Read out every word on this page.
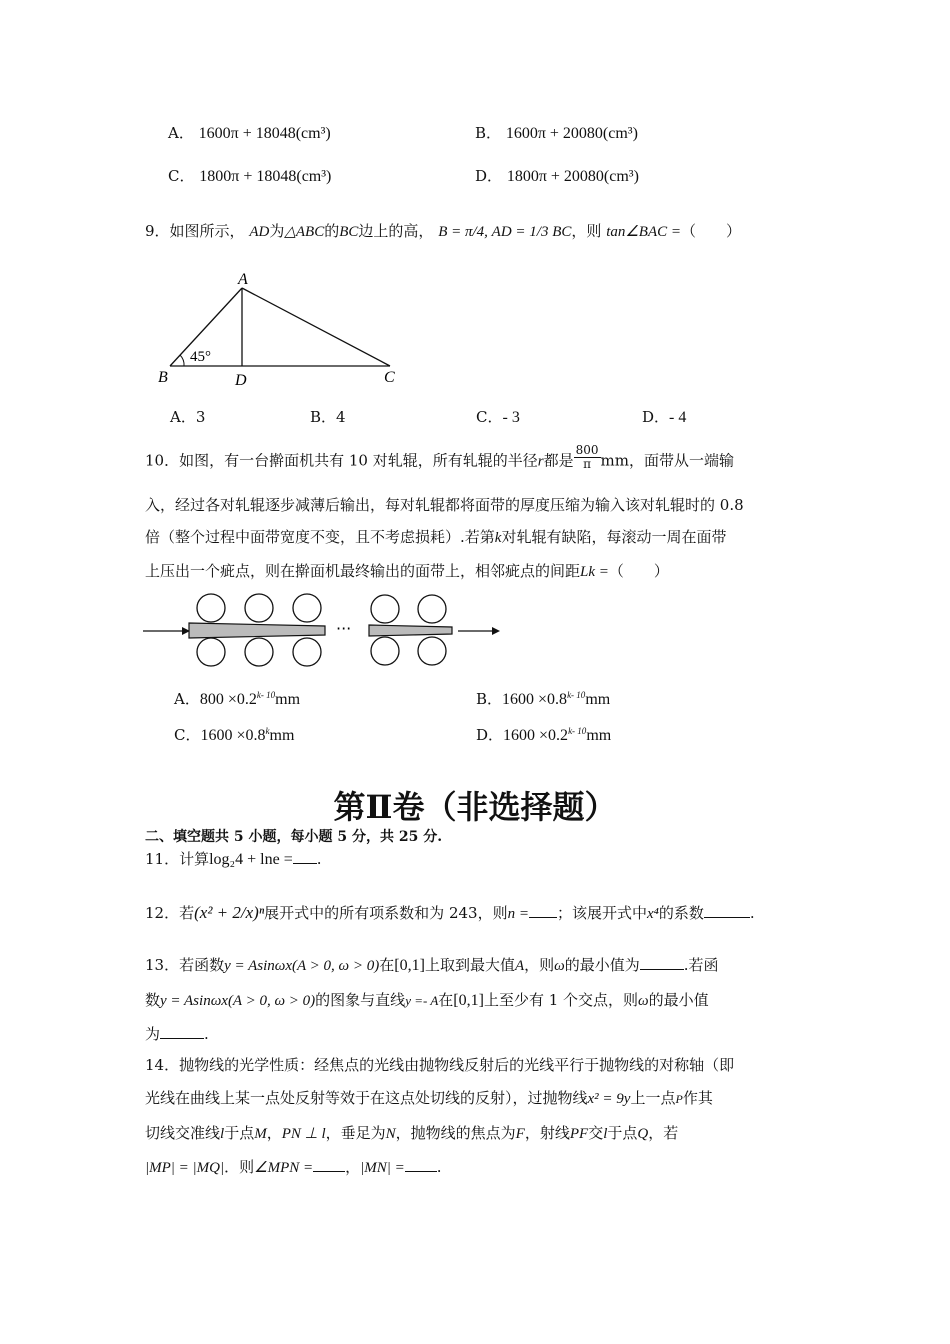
A． 1600π + 18048(cm³)	B． 1600π + 20080(cm³)
C． 1800π + 18048(cm³)	D． 1800π + 20080(cm³)
9．如图所示， AD为△ABC的BC边上的高， B = π/4, AD = 1/3 BC，则 tan∠BAC =（　　）
A
B	D	C
45°
A．3	B．4	C．- 3	D．- 4
10．如图，有一台擀面机共有 10 对轧辊，所有轧辊的半径r都是 $\frac{800}{\pi}$ mm，面带从一端输
入，经过各对轧辊逐步减薄后输出，每对轧辊都将面带的厚度压缩为输入该对轧辊时的 0.8
倍（整个过程中面带宽度不变，且不考虑损耗）.若第k对轧辊有缺陷，每滚动一周在面带
上压出一个疵点，则在擀面机最终输出的面带上，相邻疵点的间距Lk =（　　）
···
A．$800 \times 0.2^{k- 10}mm$	B．$1600 \times 0.8^{k- 10}mm$
C．$1600 \times 0.8^kmm$	D．$1600 \times 0.2^{k- 10}mm$
第Ⅱ卷（非选择题）
二、填空题共 5 小题，每小题 5 分，共 25 分.
11．计算log₂4 + lne = .
12．若(x² + 2/x)ⁿ展开式中的所有项系数和为 243，则n = ；该展开式中x⁴的系数	.
13．若函数y = Asinωx(A > 0, ω > 0)在[0,1]上取到最大值A，则ω的最小值为	.若函
数y = Asinωx(A > 0, ω > 0)的图象与直线y =- A在[0,1]上至少有 1 个交点，则ω的最小值
为	.
14．抛物线的光学性质：经焦点的光线由抛物线反射后的光线平行于抛物线的对称轴（即
光线在曲线上某一点处反射等效于在这点处切线的反射），过抛物线x² = 9y上一点P作其
切线交准线l于点M，PN ⊥ l，垂足为N，抛物线的焦点为F，射线PF交l于点Q，若
|MP| = |MQ|．则∠MPN = ，|MN| = .
